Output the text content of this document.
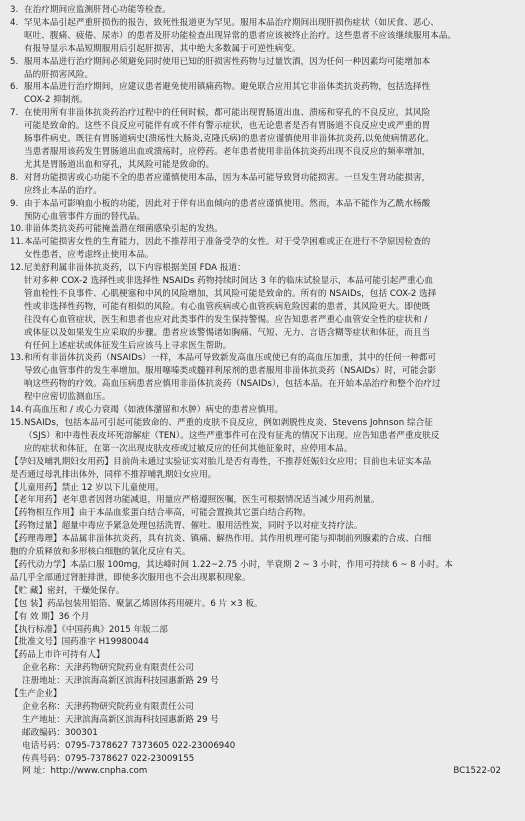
3. 在治疗期间应监测肝肾心功能等检查。
4. 罕见本品引起严重肝损伤的报告，致死性报道更为罕见。服用本品治疗期间出现肝损伤症状（如厌食、恶心、
呕吐、腹痛、疲倦、尿赤）的患者及肝功能检查出现异常的患者应该被终止治疗。这些患者不应该继续服用本品。
有报导显示本品短期服用后引起肝损害，其中绝大多数属于可逆性病变。
5. 服用本品进行治疗期间必须避免同时使用已知的肝损害性药物与过量饮酒，因为任何一种因素均可能增加本
品的肝损害风险。
6. 服用本品进行治疗期间，应建议患者避免使用镇痛药物。避免联合应用其它非甾体类抗炎药物，包括选择性
COX-2 抑制剂。
7. 在使用所有非甾体抗炎药治疗过程中的任何时候，都可能出现胃肠道出血、溃疡和穿孔的不良反应，其风险
可能是致命的。这些不良反应可能伴有或不伴有警示症状，也无论患者是否有胃肠道不良反应史或严重的胃
肠事件病史。既往有胃肠道病史(溃疡性大肠炎,克隆氏病)的患者应谨慎使用非甾体抗炎药,以免使病情恶化。
当患者服用该药发生胃肠道出血或溃疡时，应停药。老年患者使用非甾体抗炎药出现不良反应的频率增加，
尤其是胃肠道出血和穿孔，其风险可能是致命的。
8. 对肾功能损害或心功能不全的患者应谨慎使用本品，因为本品可能导致肾功能损害。一旦发生肾功能损害，
应终止本品的治疗。
9. 由于本品可影响血小板的功能，因此对于伴有出血倾向的患者应谨慎使用。然而，本品不能作为乙酰水杨酸
预防心血管事件方面的替代品。
10. 非甾体类抗炎药可能掩盖潜在细菌感染引起的发热。
11. 本品可能损害女性的生育能力，因此不推荐用于准备受孕的女性。对于受孕困难或正在进行不孕原因检查的
女性患者，应考虑终止使用本品。
12. 尼美舒利属非甾体抗炎药，以下内容根据美国 FDA 报道：
针对多种 COX-2 选择性或非选择性 NSAIDs 药物持续时间达 3 年的临床试验显示，本品可能引起严重心血
管血栓性不良事件、心肌梗塞和中风的风险增加，其风险可能是致命的。所有的 NSAIDs，包括 COX-2 选择
性或非选择性药物，可能有相似的风险。有心血管疾病或心血管疾病危险因素的患者，其风险更大。即使既
往没有心血管症状，医生和患者也应对此类事件的发生保持警惕。应告知患者严重心血管安全性的症状和 /
或体征以及如果发生应采取的步骤。患者应该警惕诸如胸痛、气短、无力、言语含糊等症状和体征，而且当
有任何上述症状或体征发生后应该马上寻求医生帮助。
13. 和所有非甾体抗炎药（NSAIDs）一样，本品可导致新发高血压或使已有的高血压加重，其中的任何一种都可
导致心血管事件的发生率增加。服用噻嗪类或髓袢利尿剂的患者服用非甾体抗炎药（NSAIDs）时，可能会影
响这些药物的疗效。高血压病患者应慎用非甾体抗炎药（NSAIDs），包括本品。在开始本品治疗和整个治疗过
程中应密切监测血压。
14. 有高血压和 / 或心力衰竭（如液体潴留和水肿）病史的患者应慎用。
15. NSAIDs，包括本品可引起可能致命的、严重的皮肤不良反应，例如剥脱性皮炎、Stevens Johnson 综合征
（SJS）和中毒性表皮坏死溶解症（TEN）。这些严重事件可在没有征兆的情况下出现。应告知患者严重皮肤反
应的症状和体征，在第一次出现皮肤皮疹或过敏反应的任何其他征象时，应停用本品。
【孕妇及哺乳期妇女用药】目前尚未通过实验证实对胎儿是否有毒性，不推荐妊娠妇女应用；目前也未证实本品
是否通过母乳排出体外，同样不推荐哺乳期妇女应用。
【儿童用药】禁止 12 岁以下儿童使用。
【老年用药】老年患者因肾功能减退，用量应严格遵照医嘱，医生可根据情况适当减少用药剂量。
【药物相互作用】由于本品血浆蛋白结合率高，可能会置换其它蛋白结合药物。
【药物过量】超量中毒应予紧急处理包括洗胃、催吐、服用活性炭，同时予以对症支持疗法。
【药理毒理】本品属非甾体抗炎药，具有抗炎、镇痛、解热作用。其作用机理可能与抑制前列腺素的合成、白细
胞的介质释放和多形核白细胞的氧化反应有关。
【药代动力学】本品口服 100mg，其达峰时间 1.22~2.75 小时，半衰期 2 ~ 3 小时，作用可持续 6 ~ 8 小时。本
品几乎全部通过肾脏排泄，即使多次服用也不会出现累积现象。
【贮 藏】密封，干燥处保存。
【包 装】药品包装用铝箔、聚氯乙烯固体药用硬片。6 片 ×3 板。
【有 效 期】36 个月
【执行标准】《中国药典》2015 年版二部
【批准文号】国药准字 H19980044
【药品上市许可持有人】
企业名称：天津药物研究院药业有限责任公司
注册地址：天津滨海高新区滨海科技园惠新路 29 号
【生产企业】
企业名称：天津药物研究院药业有限责任公司
生产地址：天津滨海高新区滨海科技园惠新路 29 号
邮政编码：300301
电话号码：0795-7378627 7373605 022-23006940
传真号码：0795-7378627 022-23009155
网 址：http://www.cnpha.com	BC1522-02
